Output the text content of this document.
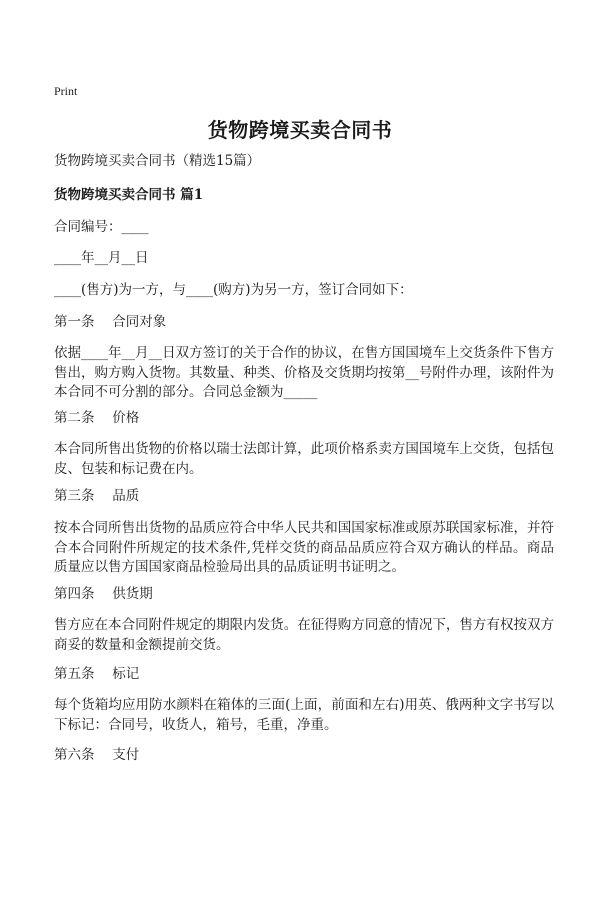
Print
货物跨境买卖合同书
货物跨境买卖合同书（精选15篇）
货物跨境买卖合同书 篇1
合同编号：____
____年__月__日
____(售方)为一方，与____(购方)为另一方，签订合同如下：
第一条　 合同对象
依据____年__月__日双方签订的关于合作的协议，在售方国国境车上交货条件下售方售出，购方购入货物。其数量、种类、价格及交货期均按第__号附件办理，该附件为本合同不可分割的部分。合同总金额为_____
第二条　 价格
本合同所售出货物的价格以瑞士法郎计算，此项价格系卖方国国境车上交货，包括包皮、包装和标记费在内。
第三条　 品质
按本合同所售出货物的品质应符合中华人民共和国国家标准或原苏联国家标准，并符合本合同附件所规定的技术条件,凭样交货的商品品质应符合双方确认的样品。商品质量应以售方国国家商品检验局出具的品质证明书证明之。
第四条　 供货期
售方应在本合同附件规定的期限内发货。在征得购方同意的情况下，售方有权按双方商妥的数量和金额提前交货。
第五条　 标记
每个货箱均应用防水颜料在箱体的三面(上面，前面和左右)用英、俄两种文字书写以下标记：合同号，收货人，箱号，毛重，净重。
第六条　 支付
